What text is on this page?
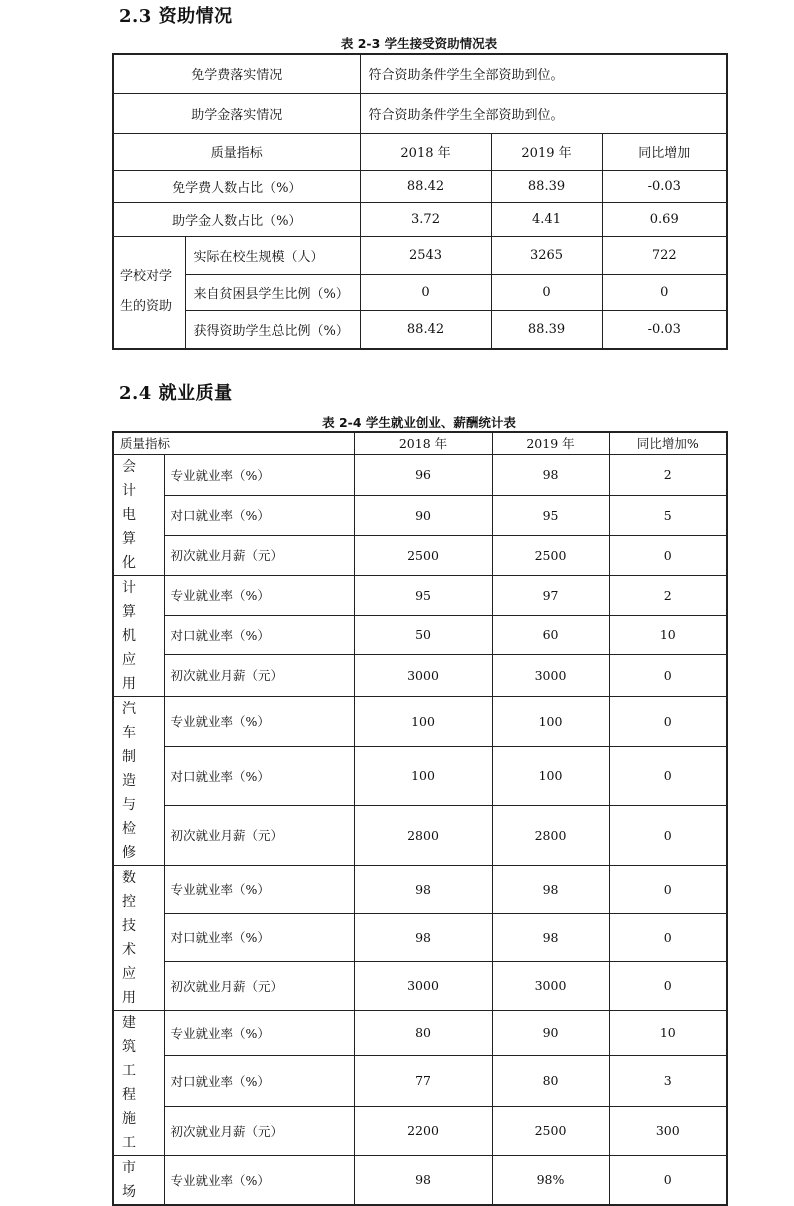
2.3 资助情况
表 2-3 学生接受资助情况表
免学费落实情况		符合资助条件学生全部资助到位。		
助学金落实情况		符合资助条件学生全部资助到位。		
质量指标		2018 年	2019 年	同比增加
免学费人数占比（%）		88.42	88.39	-0.03
助学金人数占比（%）		3.72	4.41	0.69
学校对学生的资助	实际在校生规模（人）	2543	3265	722
	来自贫困县学生比例（%）	0	0	0
	获得资助学生总比例（%）	88.42	88.39	-0.03
2.4 就业质量
表 2-4 学生就业创业、薪酬统计表
质量指标		2018 年	2019 年	同比增加%

会 计
电 算
化	专业就业率（%）	96	98	2
	对口就业率（%）	90	95	5
	初次就业月薪（元）	2500	2500	0

计 算
机 应
用	专业就业率（%）	95	97	2
	对口就业率（%）	50	60	10
	初次就业月薪（元）	3000	3000	0

汽 车
制 造
与 检
修	专业就业率（%）	100	100	0
	对口就业率（%）	100	100	0
	初次就业月薪（元）	2800	2800	0

数 控
技 术
应用	专业就业率（%）	98	98	0
	对口就业率（%）	98	98	0
	初次就业月薪（元）	3000	3000	0

建 筑
工 程
施工	专业就业率（%）	80	90	10
	对口就业率（%）	77	80	3
	初次就业月薪（元）	2200	2500	300

市 场	专业就业率（%）	98	98%	0
